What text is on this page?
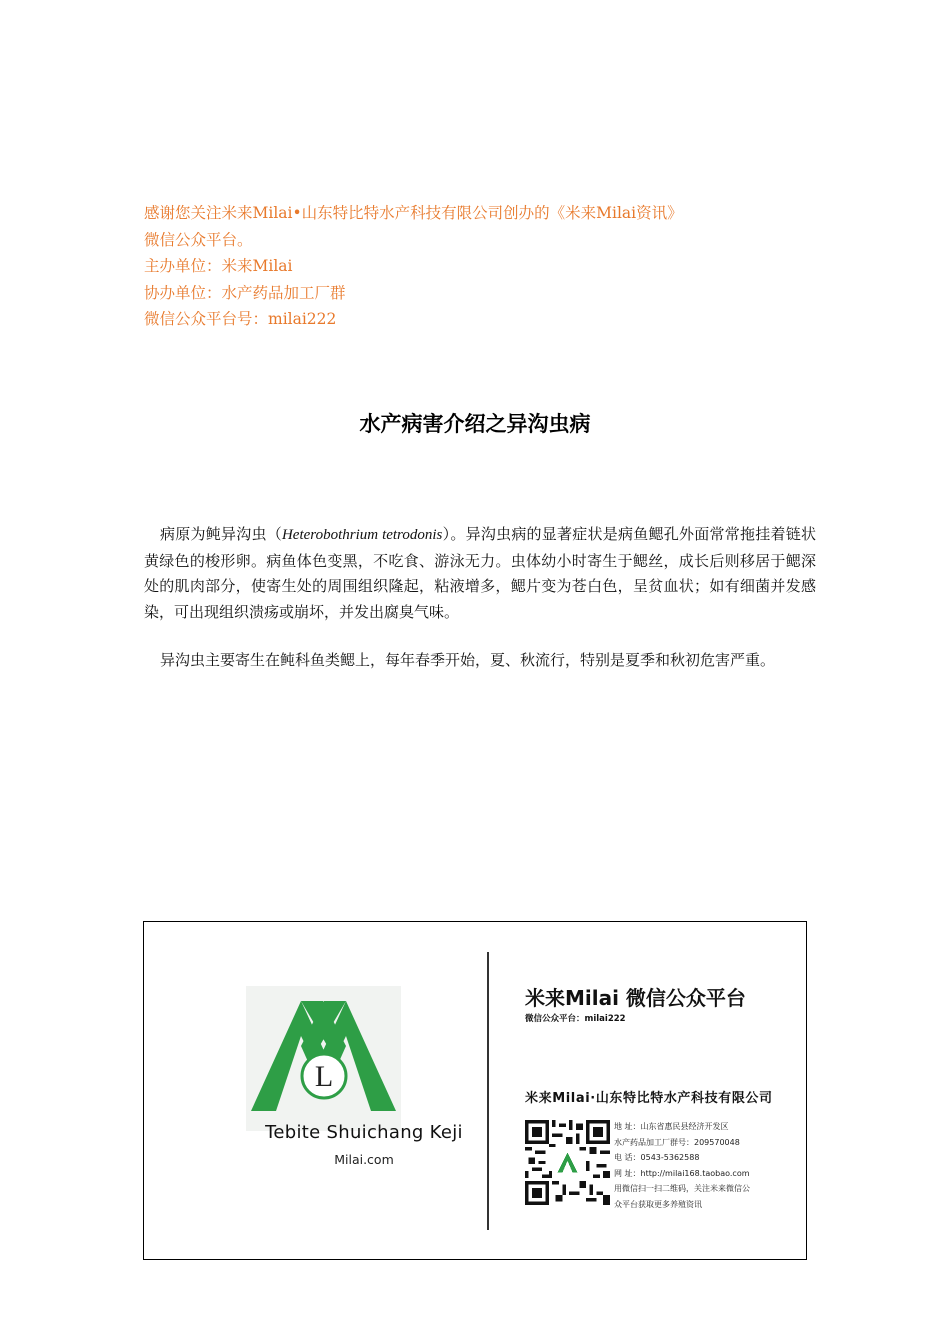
感谢您关注米来Milai•山东特比特水产科技有限公司创办的《米来Milai资讯》
微信公众平台。
主办单位：米来Milai
协办单位：水产药品加工厂群
微信公众平台号：milai222
水产病害介绍之异沟虫病
病原为鲀异沟虫（Heterobothrium tetrodonis）。异沟虫病的显著症状是病鱼鳃孔外面常常拖挂着链状黄绿色的梭形卵。病鱼体色变黑，不吃食、游泳无力。虫体幼小时寄生于鳃丝，成长后则移居于鳃深处的肌肉部分，使寄生处的周围组织隆起，粘液增多，鳃片变为苍白色，呈贫血状；如有细菌并发感染，可出现组织溃疡或崩坏，并发出腐臭气味。
异沟虫主要寄生在鲀科鱼类鳃上，每年春季开始，夏、秋流行，特别是夏季和秋初危害严重。
L
Tebite Shuichang Keji
Milai.com
米来Milai 微信公众平台
微信公众平台：milai222
米来Milai·山东特比特水产科技有限公司
地 址：山东省惠民县经济开发区
水产药品加工厂群号：209570048
电 话：0543-5362588
网 址：http://milai168.taobao.com
用微信扫一扫二维码，关注米来微信公
众平台获取更多养殖资讯
